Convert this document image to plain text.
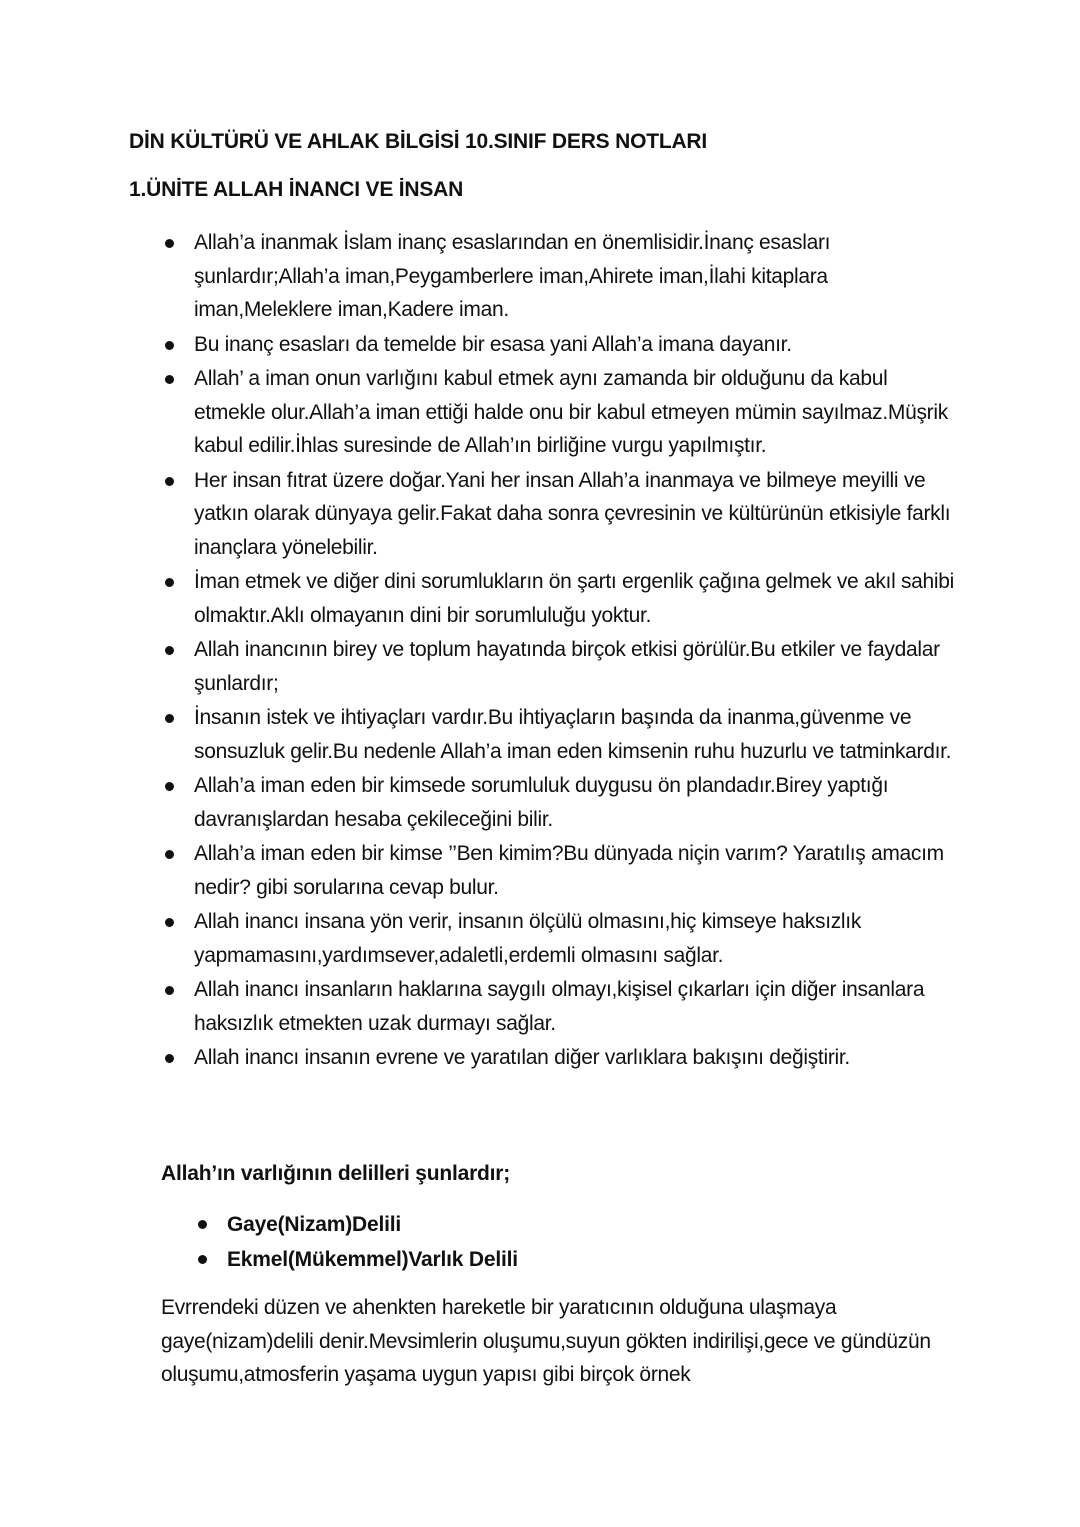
DİN KÜLTÜRÜ VE AHLAK BİLGİSİ 10.SINIF DERS NOTLARI
1.ÜNİTE ALLAH İNANCI VE İNSAN
Allah’a inanmak İslam inanç esaslarından en önemlisidir.İnanç esasları şunlardır;Allah’a iman,Peygamberlere iman,Ahirete iman,İlahi kitaplara iman,Meleklere iman,Kadere iman.
Bu inanç esasları da temelde bir esasa yani Allah’a imana dayanır.
Allah’ a iman onun varlığını kabul etmek aynı zamanda bir olduğunu da kabul etmekle olur.Allah’a iman ettiği halde onu bir kabul etmeyen mümin sayılmaz.Müşrik kabul edilir.İhlas suresinde de Allah’ın birliğine vurgu yapılmıştır.
Her insan fıtrat üzere doğar.Yani her insan Allah’a inanmaya ve bilmeye meyilli ve yatkın olarak dünyaya gelir.Fakat daha sonra çevresinin ve kültürünün etkisiyle farklı inançlara yönelebilir.
İman etmek ve diğer dini sorumlukların ön şartı ergenlik çağına gelmek ve akıl sahibi olmaktır.Aklı olmayanın dini bir sorumluluğu yoktur.
Allah inancının birey ve toplum hayatında birçok etkisi görülür.Bu etkiler ve faydalar şunlardır;
İnsanın istek ve ihtiyaçları vardır.Bu ihtiyaçların başında da inanma,güvenme ve sonsuzluk gelir.Bu nedenle Allah’a iman eden kimsenin ruhu huzurlu ve tatminkardır.
Allah’a iman eden bir kimsede sorumluluk duygusu ön plandadır.Birey yaptığı davranışlardan hesaba çekileceğini bilir.
Allah’a iman eden bir kimse ’’Ben kimim?Bu dünyada niçin varım? Yaratılış amacım nedir? gibi sorularına cevap bulur.
Allah inancı insana yön verir, insanın ölçülü olmasını,hiç kimseye haksızlık yapmamasını,yardımsever,adaletli,erdemli olmasını sağlar.
Allah inancı insanların haklarına saygılı olmayı,kişisel çıkarları için diğer insanlara haksızlık etmekten uzak durmayı sağlar.
Allah inancı insanın evrene ve yaratılan diğer varlıklara bakışını değiştirir.
Allah’ın varlığının delilleri şunlardır;
Gaye(Nizam)Delili
Ekmel(Mükemmel)Varlık Delili

Evrrendeki düzen ve ahenkten hareketle bir yaratıcının olduğuna ulaşmaya gaye(nizam)delili denir.Mevsimlerin oluşumu,suyun gökten indirilişi,gece ve gündüzün oluşumu,atmosferin yaşama uygun yapısı gibi birçok örnek
